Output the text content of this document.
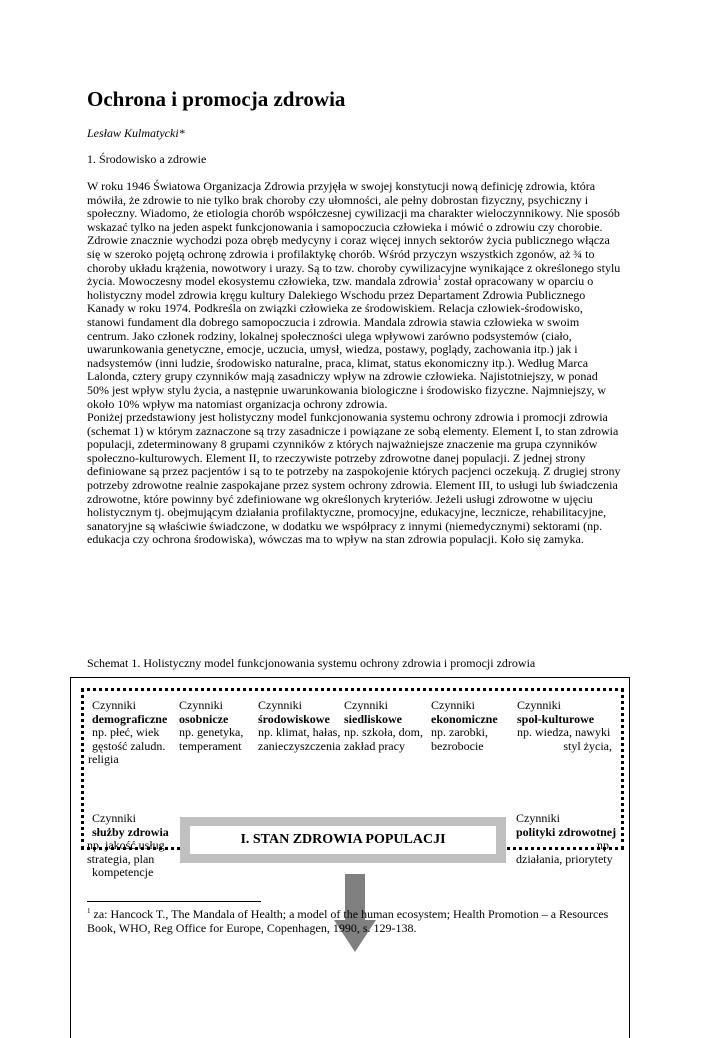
Ochrona i promocja zdrowia
Lesław Kulmatycki*
1. Środowisko a zdrowie

W roku 1946 Światowa Organizacja Zdrowia przyjęła w swojej konstytucji nową definicję zdrowia, która mówiła, że zdrowie to nie tylko brak choroby czy ułomności, ale pełny dobrostan fizyczny, psychiczny i społeczny. Wiadomo, że etiologia chorób współczesnej cywilizacji ma charakter wieloczynnikowy. Nie sposób wskazać tylko na jeden aspekt funkcjonowania i samopoczucia człowieka i mówić o zdrowiu czy chorobie. Zdrowie znacznie wychodzi poza obręb medycyny i coraz więcej innych sektorów życia publicznego włącza się w szeroko pojętą ochronę zdrowia i profilaktykę chorób. Wśród przyczyn wszystkich zgonów, aż ¾ to choroby układu krążenia, nowotwory i urazy. Są to tzw. choroby cywilizacyjne wynikające z określonego stylu życia. Mowoczesny model ekosystemu człowieka, tzw. mandala zdrowia$^1$ został opracowany w oparciu o holistyczny model zdrowia kręgu kultury Dalekiego Wschodu przez Departament Zdrowia Publicznego Kanady w roku 1974. Podkreśla on związki człowieka ze środowiskiem. Relacja człowiek-środowisko, stanowi fundament dla dobrego samopoczucia i zdrowia. Mandala zdrowia stawia człowieka w swoim centrum. Jako członek rodziny, lokalnej społeczności ulega wpływowi zarówno podsystemów (ciało, uwarunkowania genetyczne, emocje, uczucia, umysł, wiedza, postawy, poglądy, zachowania itp.) jak i nadsystemów (inni ludzie, środowisko naturalne, praca, klimat, status ekonomiczny itp.). Według Marca Lalonda, cztery grupy czynników mają zasadniczy wpływ na zdrowie człowieka. Najistotniejszy, w ponad 50% jest wpływ stylu życia, a następnie uwarunkowania biologiczne i środowisko fizyczne. Najmniejszy, w około 10% wpływ ma natomiast organizacja ochrony zdrowia.

Poniżej przedstawiony jest holistyczny model funkcjonowania systemu ochrony zdrowia i promocji zdrowia (schemat 1) w którym zaznaczone są trzy zasadnicze i powiązane ze sobą elementy. Element I, to stan zdrowia populacji, zdeterminowany 8 grupami czynników z których najważniejsze znaczenie ma grupa czynników społeczno-kulturowych. Element II, to rzeczywiste potrzeby zdrowotne danej populacji. Z jednej strony definiowane są przez pacjentów i są to te potrzeby na zaspokojenie których pacjenci oczekują. Z drugiej strony potrzeby zdrowotne realnie zaspokajane przez system ochrony zdrowia. Element III, to usługi lub świadczenia zdrowotne, które powinny być zdefiniowane wg określonych kryteriów. Jeżeli usługi zdrowotne w ujęciu holistycznym tj. obejmującym działania profilaktyczne, promocyjne, edukacyjne, lecznicze, rehabilitacyjne, sanatoryjne są właściwie świadczone, w dodatku we współpracy z innymi (niemedycznymi) sektorami (np. edukacja czy ochrona środowiska), wówczas ma to wpływ na stan zdrowia populacji. Koło się zamyka.

Schemat 1. Holistyczny model funkcjonowania systemu ochrony zdrowia i promocji zdrowia
Czynniki
demograficzne
np. płeć, wiek
gęstość zaludn.
religia
Czynniki
osobnicze
np. genetyka,
temperament
Czynniki
środowiskowe
np. klimat, hałas,
zanieczyszczenia
Czynniki
siedliskowe
np. szkoła, dom,
zakład pracy
Czynniki
ekonomiczne
np. zarobki,
bezrobocie
Czynniki
społ-kulturowe
np. wiedza, nawyki
styl życia,
Czynniki
służby zdrowia
np. jakość usług
strategia, plan
kompetencje
Czynniki
polityki zdrowotnej
np.
działania, priorytety
I. STAN ZDROWIA POPULACJI
$^1$ za: Hancock T., The Mandala of Health; a model of the human ecosystem; Health Promotion – a Resources Book, WHO, Reg Office for Europe, Copenhagen, 1990, s. 129-138.
